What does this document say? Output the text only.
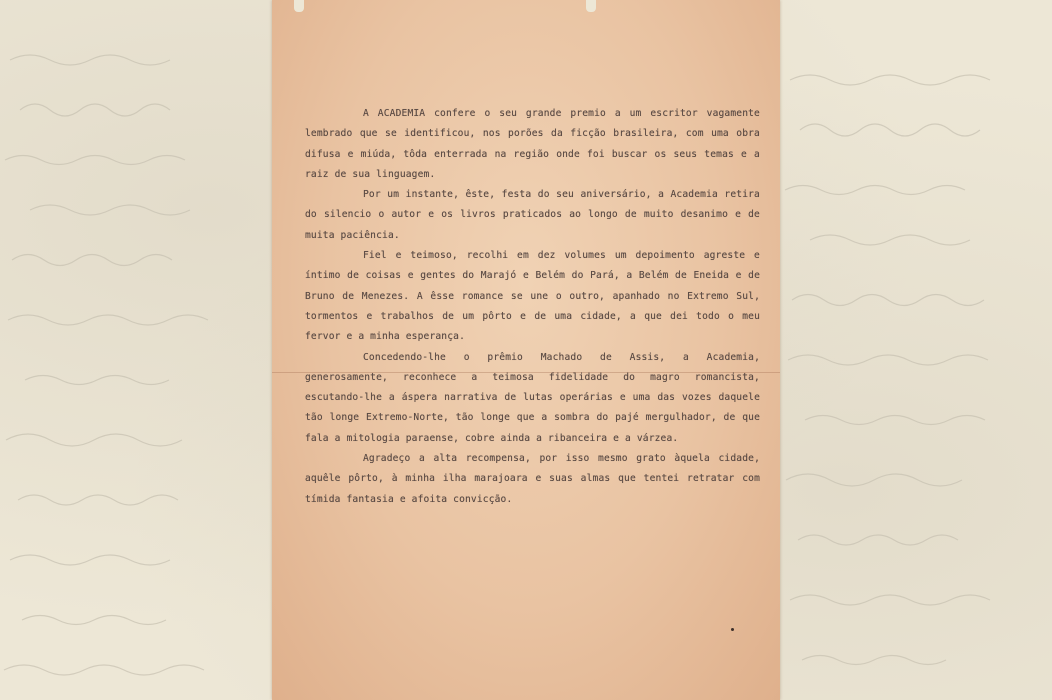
A ACADEMIA confere o seu grande premio a um escritor vagamente lembrado que se identificou, nos porões da ficção brasileira, com uma obra difusa e miúda, tôda enterrada na região onde foi buscar os seus temas e a raiz de sua linguagem.

Por um instante, êste, festa do seu aniversário, a Academia retira do silencio o autor e os livros praticados ao longo de muito desanimo e de muita paciência.

Fiel e teimoso, recolhi em dez volumes um depoimento agreste e íntimo de coisas e gentes do Marajó e Belém do Pará, a Belém de Eneida e de Bruno de Menezes. A êsse romance se une o outro, apanhado no Extremo Sul, tormentos e trabalhos de um pôrto e de uma cidade, a que dei todo o meu fervor e a minha esperança.

Concedendo-lhe o prêmio Machado de Assis, a Academia, generosamente, reconhece a teimosa fidelidade do magro romancista, escutando-lhe a áspera narrativa de lutas operárias e uma das vozes daquele tão longe Extremo-Norte, tão longe que a sombra do pajé mergulhador, de que fala a mitologia paraense, cobre ainda a ribanceira e a várzea.

Agradeço a alta recompensa, por isso mesmo grato àquela cidade, aquêle pôrto, à minha ilha marajoara e suas almas que tentei retratar com tímida fantasia e afoita convicção.
